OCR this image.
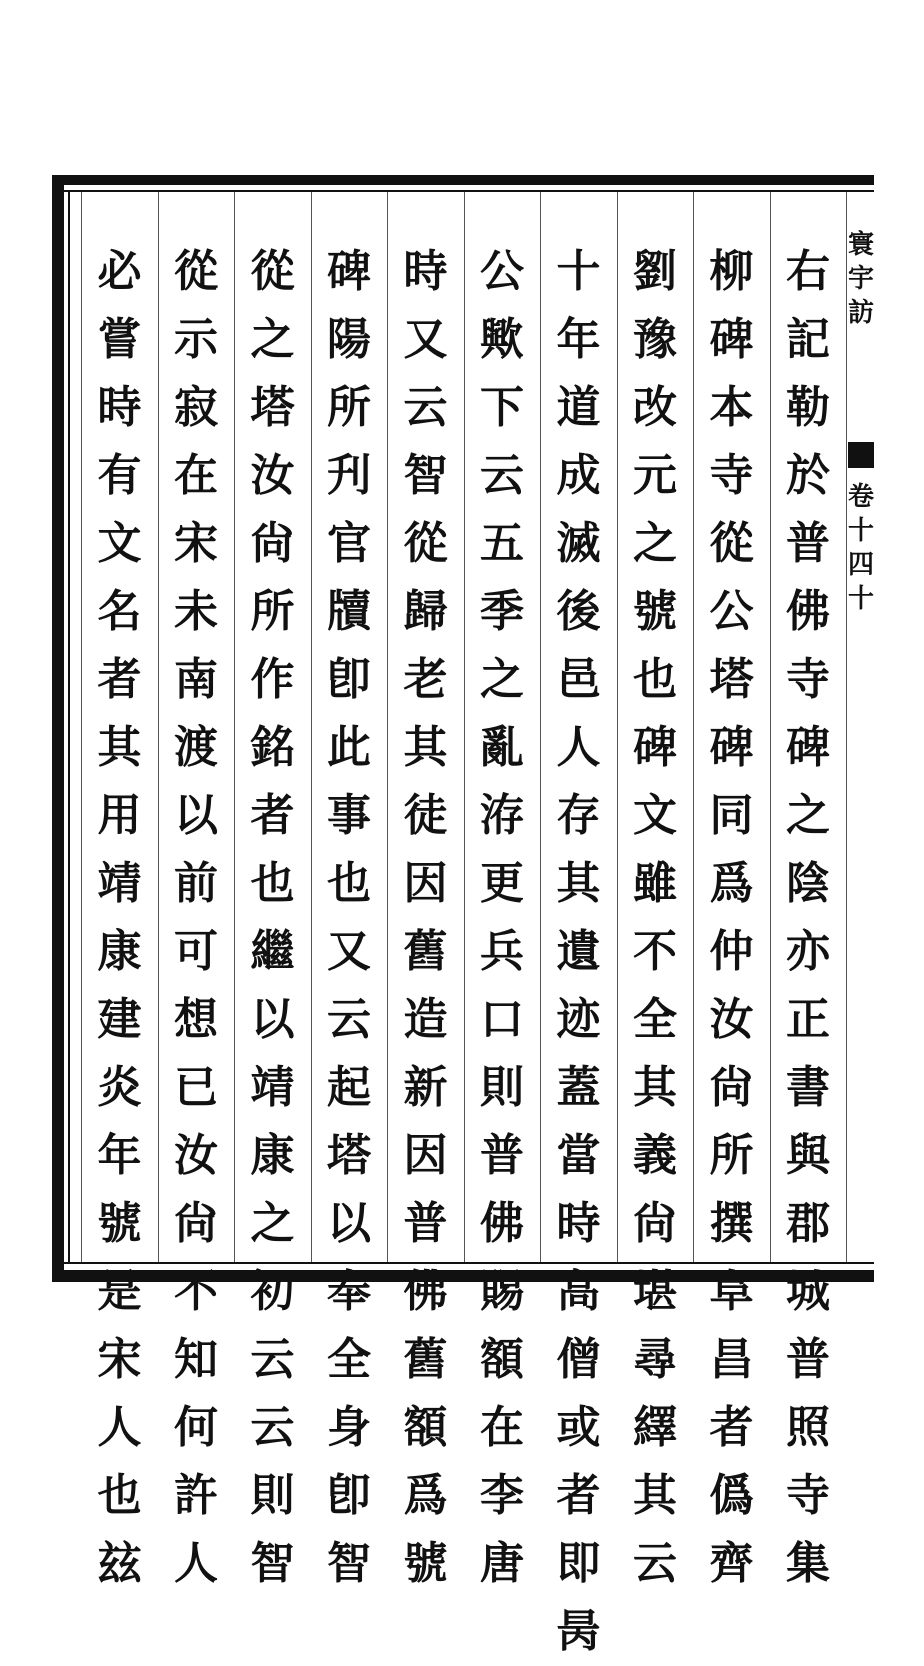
寰
宇
訪
卷
十
四
十
右
記
勒
於
普
佛
寺
碑
之
陰
亦
正
書
與
郡
城
普
照
寺
集
柳
碑
本
寺
從
公
塔
碑
同
爲
仲
汝
尙
所
撰
阜
昌
者
僞
齊
劉
豫
改
元
之
號
也
碑
文
雖
不
全
其
義
尙
堪
尋
繹
其
云
十
年
道
成
滅
後
邑
人
存
其
遺
迹
蓋
當
時
高
僧
或
者
即
昺
公
歟
下
云
五
季
之
亂
洊
更
兵
口
則
普
佛
賜
額
在
李
唐
時
又
云
智
從
歸
老
其
徒
因
舊
造
新
因
普
佛
舊
額
爲
號
碑
陽
所
刋
官
牘
卽
此
事
也
又
云
起
塔
以
奉
全
身
卽
智
從
之
塔
汝
尙
所
作
銘
者
也
繼
以
靖
康
之
初
云
云
則
智
從
示
寂
在
宋
未
南
渡
以
前
可
想
已
汝
尙
不
知
何
許
人
必
嘗
時
有
文
名
者
其
用
靖
康
建
炎
年
號
是
宋
人
也
玆
